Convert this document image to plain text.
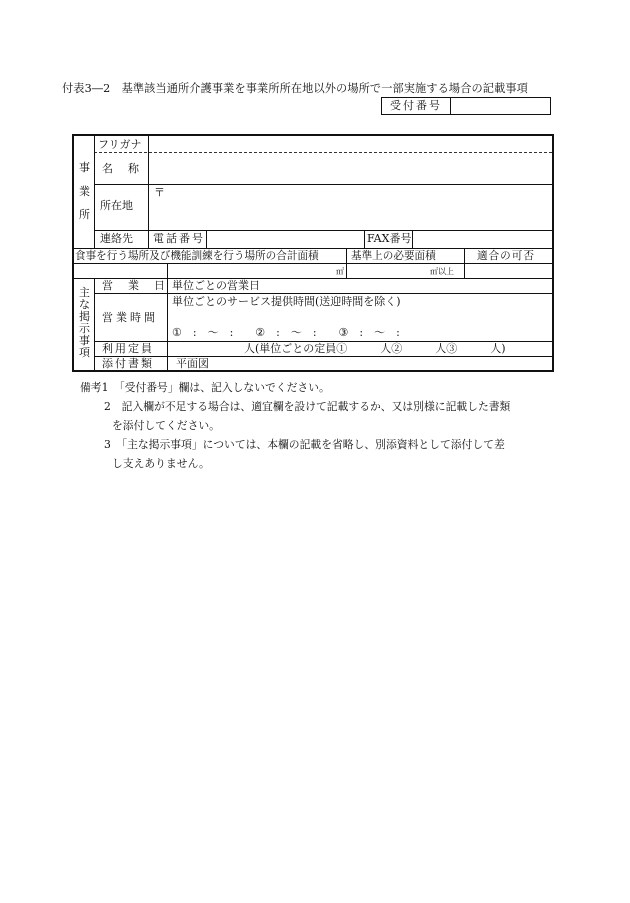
付表3―2　基準該当通所介護事業を事業所所在地以外の場所で一部実施する場合の記載事項
受付番号
事
業
所
フリガナ
名　称
所在地
〒
連絡先 電話番号	FAX番号
食事を行う場所及び機能訓練を行う場所の合計面積	基準上の必要面積	適合の可否
㎡	㎡以上
主
な
掲
示
事
項
営　業　日 単位ごとの営業日
営業時間
単位ごとのサービス提供時間(送迎時間を除く)
①　:　～　:　　②　:　～　:　　③　:　～　:
利用定員	人(単位ごとの定員①　　　人②　　　人③　　　人)
添付書類 平面図
備考1　「受付番号」欄は、記入しないでください。
2　記入欄が不足する場合は、適宜欄を設けて記載するか、又は別様に記載した書類
を添付してください。
3　「主な掲示事項」については、本欄の記載を省略し、別添資料として添付して差
し支えありません。
